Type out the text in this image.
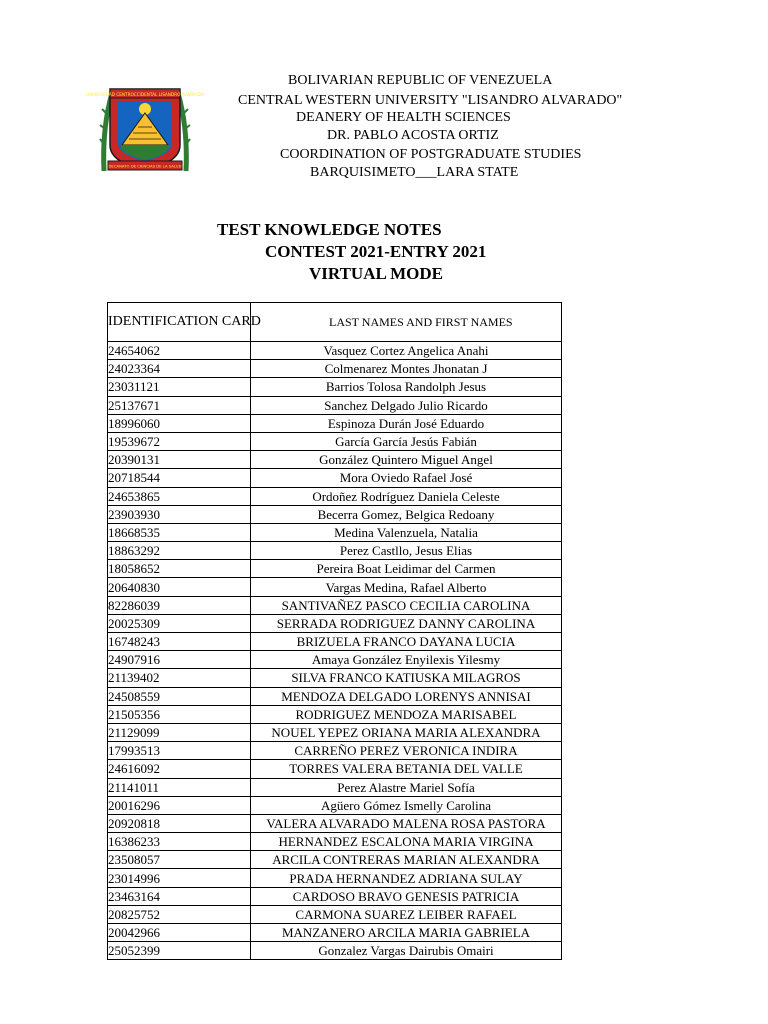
UNIVERSIDAD CENTROCCIDENTAL LISANDRO ALVARADO
DECANATO DE CIENCIAS DE LA SALUD
BOLIVARIAN REPUBLIC OF VENEZUELA
CENTRAL WESTERN UNIVERSITY "LISANDRO ALVARADO"
DEANERY OF HEALTH SCIENCES
DR. PABLO ACOSTA ORTIZ
COORDINATION OF POSTGRADUATE STUDIES
BARQUISIMETO___LARA STATE
TEST KNOWLEDGE NOTES
CONTEST 2021-ENTRY 2021
VIRTUAL MODE
IDENTIFICATION CARD	LAST NAMES AND FIRST NAMES
24654062	Vasquez Cortez Angelica Anahi
24023364	Colmenarez Montes Jhonatan J
23031121	Barrios Tolosa Randolph Jesus
25137671	Sanchez Delgado Julio Ricardo
18996060	Espinoza Durán José Eduardo
19539672	García García Jesús Fabián
20390131	González Quintero Miguel Angel
20718544	Mora Oviedo Rafael José
24653865	Ordoñez Rodríguez Daniela Celeste
23903930	Becerra Gomez, Belgica Redoany
18668535	Medina Valenzuela, Natalia
18863292	Perez Castllo, Jesus Elias
18058652	Pereira Boat Leidimar del Carmen
20640830	Vargas Medina, Rafael Alberto
82286039	SANTIVAÑEZ PASCO CECILIA CAROLINA
20025309	SERRADA RODRIGUEZ DANNY CAROLINA
16748243	BRIZUELA FRANCO DAYANA LUCIA
24907916	Amaya González Enyilexis Yilesmy
21139402	SILVA FRANCO KATIUSKA MILAGROS
24508559	MENDOZA DELGADO LORENYS ANNISAI
21505356	RODRIGUEZ MENDOZA MARISABEL
21129099	NOUEL YEPEZ ORIANA MARIA ALEXANDRA
17993513	CARREÑO PEREZ VERONICA INDIRA
24616092	TORRES VALERA BETANIA DEL VALLE
21141011	Perez Alastre Mariel Sofía
20016296	Agüero Gómez Ismelly Carolina
20920818	VALERA ALVARADO MALENA ROSA PASTORA
16386233	HERNANDEZ ESCALONA MARIA VIRGINA
23508057	ARCILA CONTRERAS MARIAN ALEXANDRA
23014996	PRADA HERNANDEZ ADRIANA SULAY
23463164	CARDOSO BRAVO GENESIS PATRICIA
20825752	CARMONA SUAREZ LEIBER RAFAEL
20042966	MANZANERO ARCILA MARIA GABRIELA
25052399	Gonzalez Vargas Dairubis Omairi
